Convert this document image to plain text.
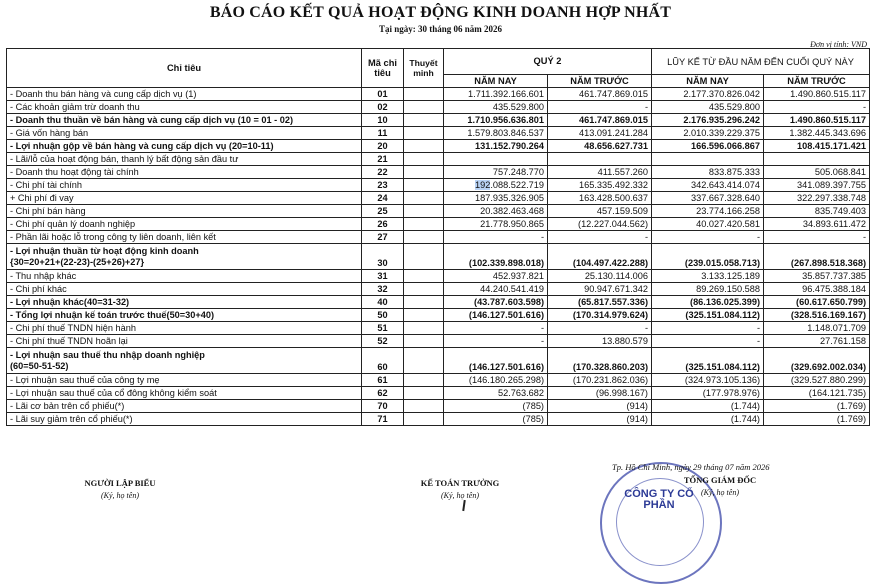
BÁO CÁO KẾT QUẢ HOẠT ĐỘNG KINH DOANH HỢP NHẤT
Tại ngày: 30 tháng 06 năm 2026
Đơn vị tính: VND
Chỉ tiêu	Mã chỉ tiêu	Thuyết minh	QUÝ 2		LŨY KẾ TỪ ĐẦU NĂM ĐẾN CUỐI QUÝ NÀY	

			NĂM NAY	NĂM TRƯỚC	NĂM NAY	NĂM TRƯỚC

- Doanh thu bán hàng và cung cấp dịch vụ (1)	01		1.711.392.166.601	461.747.869.015	2.177.370.826.042	1.490.860.515.117

- Các khoản giảm trừ doanh thu	02		435.529.800	-	435.529.800	-

- Doanh thu thuần về bán hàng và cung cấp dịch vụ (10 = 01 - 02)	10		1.710.956.636.801	461.747.869.015	2.176.935.296.242	1.490.860.515.117

- Giá vốn hàng bán	11		1.579.803.846.537	413.091.241.284	2.010.339.229.375	1.382.445.343.696

- Lợi nhuận gộp về bán hàng và cung cấp dịch vụ (20=10-11)	20		131.152.790.264	48.656.627.731	166.596.066.867	108.415.171.421

- Lãi/lỗ của hoạt động bán, thanh lý bất động sản đầu tư	21					

- Doanh thu hoạt động tài chính	22		757.248.770	411.557.260	833.875.333	505.068.841

- Chi phí tài chính	23		192.088.522.719	165.335.492.332	342.643.414.074	341.089.397.755

+ Chi phí đi vay	24		187.935.326.905	163.428.500.637	337.667.328.640	322.297.338.748

- Chi phí bán hàng	25		20.382.463.468	457.159.509	23.774.166.258	835.749.403

- Chi phí quản lý doanh nghiệp	26		21.778.950.865	(12.227.044.562)	40.027.420.581	34.893.611.472

- Phần lãi hoặc lỗ trong công ty liên doanh, liên kết	27		-	-	-	-

- Lợi nhuận thuần từ hoạt động kinh doanh
{30=20+21+(22-23)-(25+26)+27}	30		(102.339.898.018)	(104.497.422.288)	(239.015.058.713)	(267.898.518.368)

- Thu nhập khác	31		452.937.821	25.130.114.006	3.133.125.189	35.857.737.385

- Chi phí khác	32		44.240.541.419	90.947.671.342	89.269.150.588	96.475.388.184

- Lợi nhuận khác(40=31-32)	40		(43.787.603.598)	(65.817.557.336)	(86.136.025.399)	(60.617.650.799)

- Tổng lợi nhuận kế toán trước thuế(50=30+40)	50		(146.127.501.616)	(170.314.979.624)	(325.151.084.112)	(328.516.169.167)

- Chi phí thuế TNDN hiện hành	51		-	-	-	1.148.071.709

- Chi phí thuế TNDN hoãn lại	52		-	13.880.579	-	27.761.158

- Lợi nhuận sau thuế thu nhập doanh nghiệp
(60=50-51-52)	60		(146.127.501.616)	(170.328.860.203)	(325.151.084.112)	(329.692.002.034)

- Lợi nhuận sau thuế của công ty mẹ	61		(146.180.265.298)	(170.231.862.036)	(324.973.105.136)	(329.527.880.299)

- Lợi nhuận sau thuế của cổ đông không kiểm soát	62		52.763.682	(96.998.167)	(177.978.976)	(164.121.735)

- Lãi cơ bản trên cổ phiếu(*)	70		(785)	(914)	(1.744)	(1.769)

- Lãi suy giảm trên cổ phiếu(*)	71		(785)	(914)	(1.744)	(1.769)
NGƯỜI LẬP BIỂU
(Ký, họ tên)
KẾ TOÁN TRƯỞNG
(Ký, họ tên)	CÔNG TY CỔ PHẦN
Tp. Hồ Chí Minh, ngày 29 tháng 07 năm 2026
TỔNG GIÁM ĐỐC
(Ký, họ tên)
